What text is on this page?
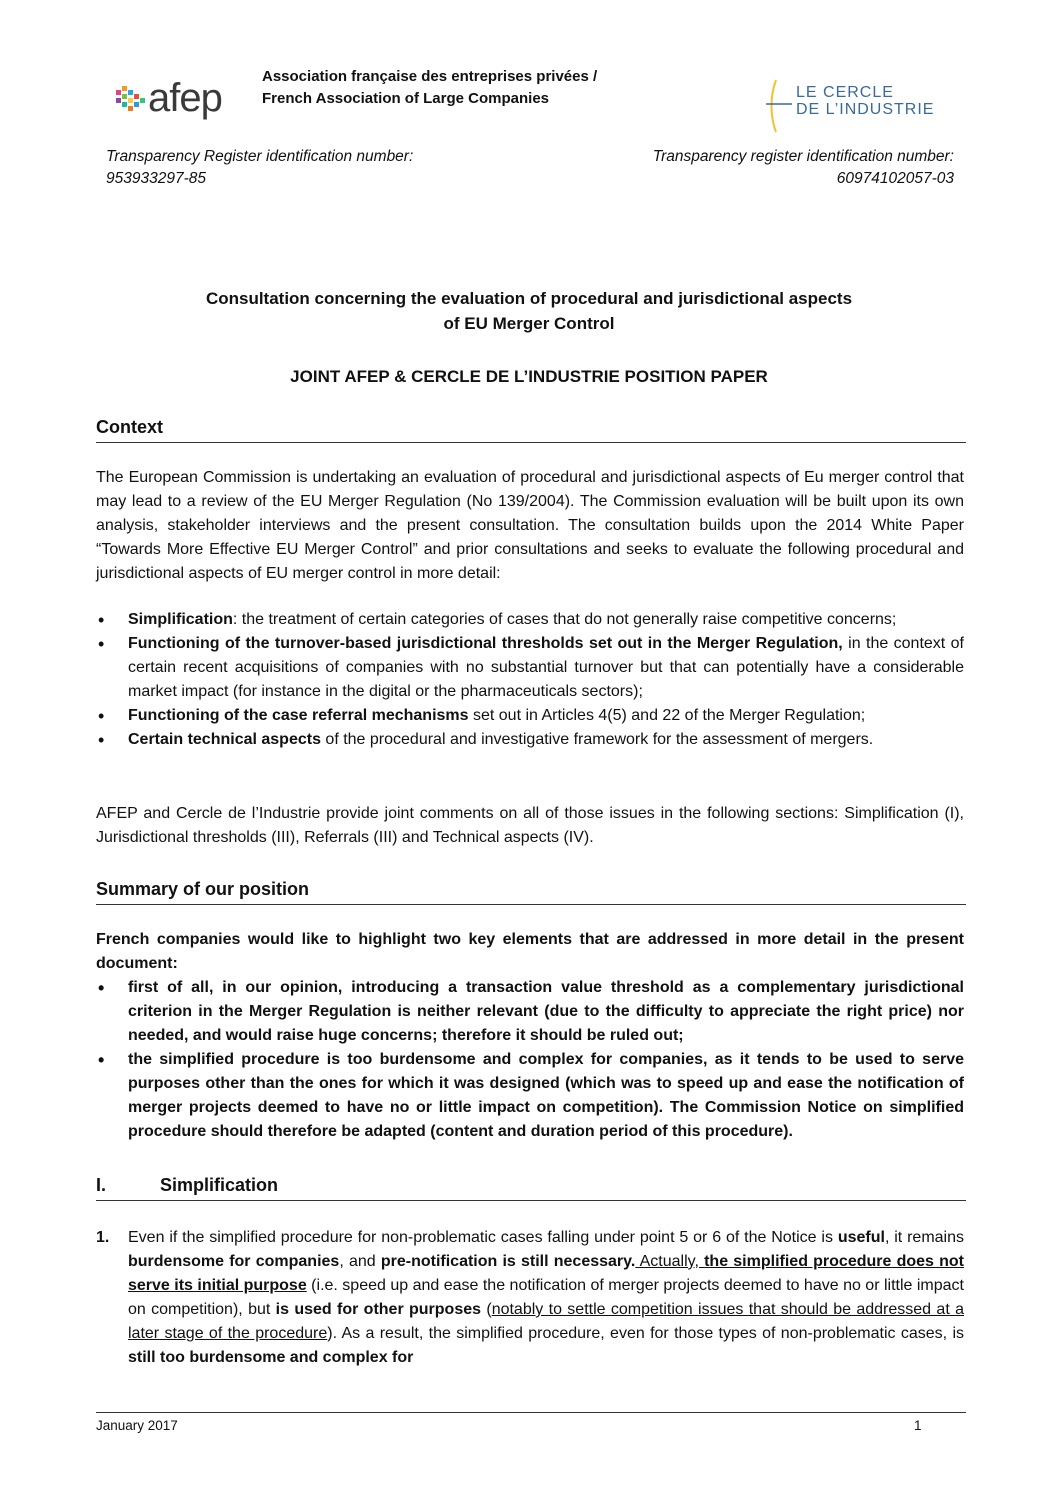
afep	Association française des entreprises privées /
French Association of Large Companies	LE CERCLE
DE L’INDUSTRIE
Transparency Register identification number:
953933297-85
Transparency register identification number:
60974102057-03
Consultation concerning the evaluation of procedural and jurisdictional aspects
of EU Merger Control
JOINT AFEP & CERCLE DE L’INDUSTRIE POSITION PAPER
Context
The European Commission is undertaking an evaluation of procedural and jurisdictional aspects of Eu merger control that may lead to a review of the EU Merger Regulation (No 139/2004). The Commission evaluation will be built upon its own analysis, stakeholder interviews and the present consultation. The consultation builds upon the 2014 White Paper “Towards More Effective EU Merger Control” and prior consultations and seeks to evaluate the following procedural and jurisdictional aspects of EU merger control in more detail:
• Simplification: the treatment of certain categories of cases that do not generally raise competitive concerns;
• Functioning of the turnover-based jurisdictional thresholds set out in the Merger Regulation, in the context of certain recent acquisitions of companies with no substantial turnover but that can potentially have a considerable market impact (for instance in the digital or the pharmaceuticals sectors);
• Functioning of the case referral mechanisms set out in Articles 4(5) and 22 of the Merger Regulation;
• Certain technical aspects of the procedural and investigative framework for the assessment of mergers.
AFEP and Cercle de l’Industrie provide joint comments on all of those issues in the following sections: Simplification (I), Jurisdictional thresholds (III), Referrals (III) and Technical aspects (IV).
Summary of our position
French companies would like to highlight two key elements that are addressed in more detail in the present document:
• first of all, in our opinion, introducing a transaction value threshold as a complementary jurisdictional criterion in the Merger Regulation is neither relevant (due to the difficulty to appreciate the right price) nor needed, and would raise huge concerns; therefore it should be ruled out;
• the simplified procedure is too burdensome and complex for companies, as it tends to be used to serve purposes other than the ones for which it was designed (which was to speed up and ease the notification of merger projects deemed to have no or little impact on competition). The Commission Notice on simplified procedure should therefore be adapted (content and duration period of this procedure).
I.	Simplification
1. Even if the simplified procedure for non-problematic cases falling under point 5 or 6 of the Notice is useful, it remains burdensome for companies, and pre-notification is still necessary. Actually, the simplified procedure does not serve its initial purpose (i.e. speed up and ease the notification of merger projects deemed to have no or little impact on competition), but is used for other purposes (notably to settle competition issues that should be addressed at a later stage of the procedure). As a result, the simplified procedure, even for those types of non-problematic cases, is still too burdensome and complex for
January 2017	1
